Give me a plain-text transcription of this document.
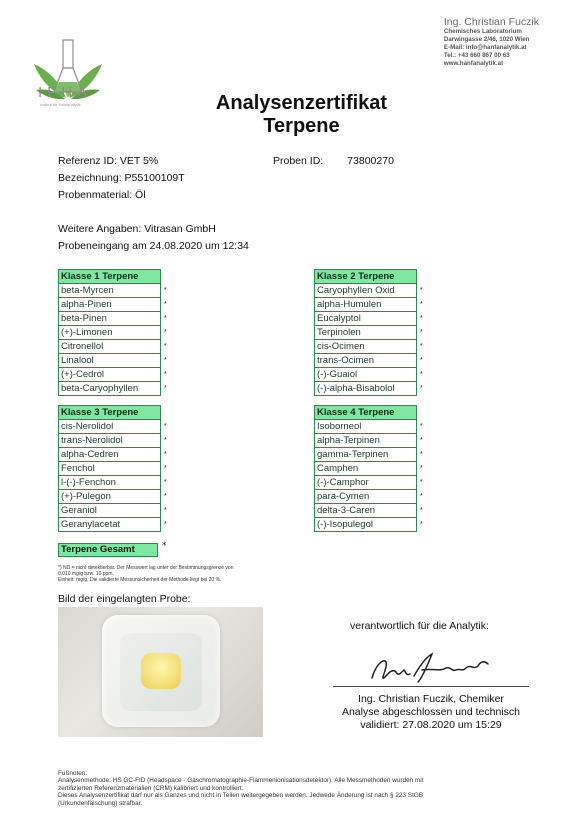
IFHA
Institut für Hanfanalytik
Ing. Christian Fuczik
Chemisches Laboratorium
Darwingasse 2/46, 1020 Wien
E-Mail: info@hanfanalytik.at
Tel.: +43 660 867 00 63
www.hanfanalytik.at
Analysenzertifikat
Terpene
Referenz ID: VET 5%
Bezeichnung: P55100109T
Probenmaterial: Öl
Weitere Angaben: Vitrasan GmbH
Probeneingang am 24.08.2020 um 12:34
Proben ID: 73800270
Klasse 1 Terpene	
beta-Myrcen	*
alpha-Pinen	*
beta-Pinen	*
(+)-Limonen	*
Citronellol	*
Linalool	*
(+)-Cedrol	*
beta-Caryophyllen	*
Klasse 2 Terpene	
Caryophyllen Oxid	*
alpha-Humulen	*
Eucalyptol	*
Terpinolen	*
cis-Ocimen	*
trans-Ocimen	*
(-)-Guaiol	*
(-)-alpha-Bisabolol	*
Klasse 3 Terpene	
cis-Nerolidol	*
trans-Nerolidol	*
alpha-Cedren	*
Fenchol	*
l-(-)-Fenchon	*
(+)-Pulegon	*
Geraniol	*
Geranylacetat	*
Klasse 4 Terpene	
Isoborneol	*
alpha-Terpinen	*
gamma-Terpinen	*
Camphen	*
(-)-Camphor	*
para-Cymen	*
delta-3-Caren	*
(-)-Isopulegol	*
Terpene Gesamt	*
*) ND = nicht detektierbar. Der Messwert lag unter der Bestimmungsgrenze von
0,010 mg/g bzw. 10 ppm.
Einheit: mg/g. Die validierte Messunsicherheit der Methode liegt bei 20 %.
Bild der eingelangten Probe:
verantwortlich für die Analytik:
Ing. Christian Fuczik, Chemiker
Analyse abgeschlossen und technisch
validiert: 27.08.2020 um 15:29
Fußnoten:
Analysenmethode: HS GC-FID (Headspace - Gaschromatographie-Flammenionisationsdetektor). Alle Messmethoden wurden mit
zertifizierten Referenzmaterialien (CRM) kalibriert und kontrolliert.
Dieses Analysenzertifikat darf nur als Ganzes und nicht in Teilen weitergegeben werden. Jedwede Änderung ist nach § 223 StGB
(Urkundenfälschung) strafbar.
